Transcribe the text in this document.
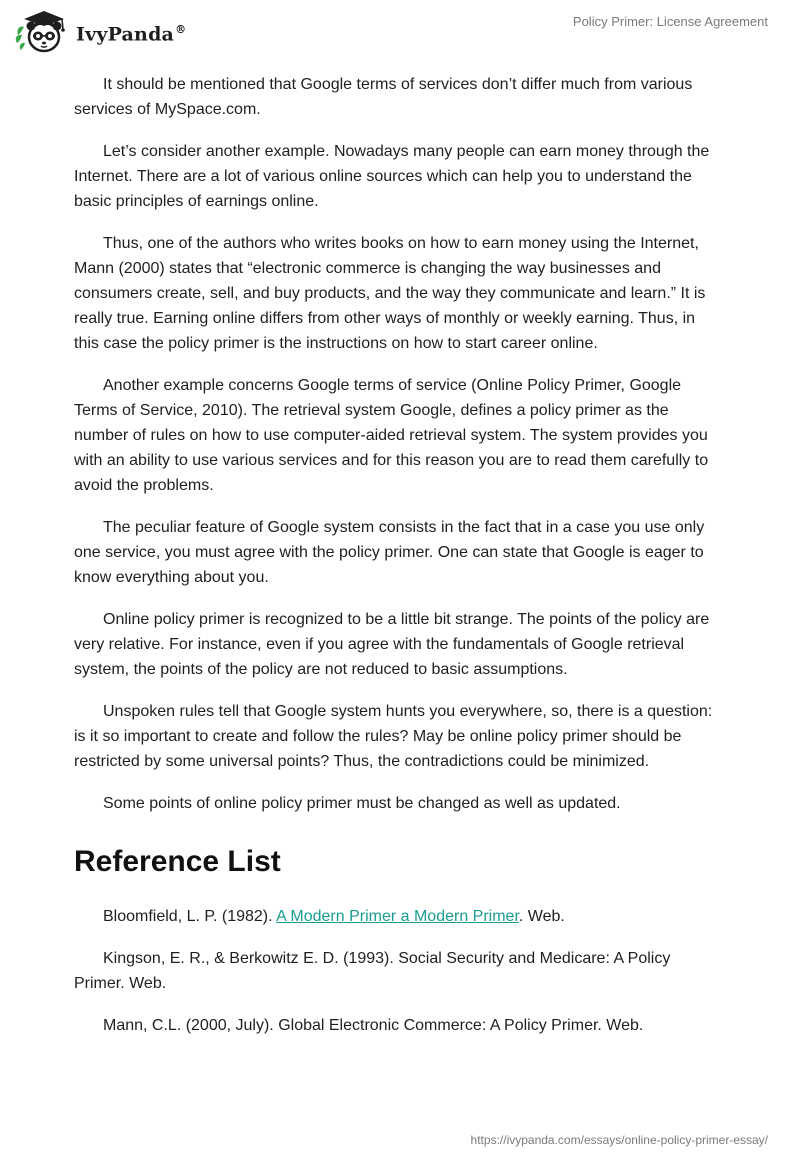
IvyPanda®
Policy Primer: License Agreement

It should be mentioned that Google terms of services don’t differ much from various services of MySpace.com.

Let’s consider another example. Nowadays many people can earn money through the Internet. There are a lot of various online sources which can help you to understand the basic principles of earnings online.

Thus, one of the authors who writes books on how to earn money using the Internet, Mann (2000) states that “electronic commerce is changing the way businesses and consumers create, sell, and buy products, and the way they communicate and learn.” It is really true. Earning online differs from other ways of monthly or weekly earning. Thus, in this case the policy primer is the instructions on how to start career online.

Another example concerns Google terms of service (Online Policy Primer, Google Terms of Service, 2010). The retrieval system Google, defines a policy primer as the number of rules on how to use computer-aided retrieval system. The system provides you with an ability to use various services and for this reason you are to read them carefully to avoid the problems.

The peculiar feature of Google system consists in the fact that in a case you use only one service, you must agree with the policy primer. One can state that Google is eager to know everything about you.

Online policy primer is recognized to be a little bit strange. The points of the policy are very relative. For instance, even if you agree with the fundamentals of Google retrieval system, the points of the policy are not reduced to basic assumptions.

Unspoken rules tell that Google system hunts you everywhere, so, there is a question: is it so important to create and follow the rules? May be online policy primer should be restricted by some universal points? Thus, the contradictions could be minimized.

Some points of online policy primer must be changed as well as updated.

Reference List

Bloomfield, L. P. (1982). A Modern Primer a Modern Primer. Web.

Kingson, E. R., & Berkowitz E. D. (1993). Social Security and Medicare: A Policy Primer. Web.

Mann, C.L. (2000, July). Global Electronic Commerce: A Policy Primer. Web.

https://ivypanda.com/essays/online-policy-primer-essay/
